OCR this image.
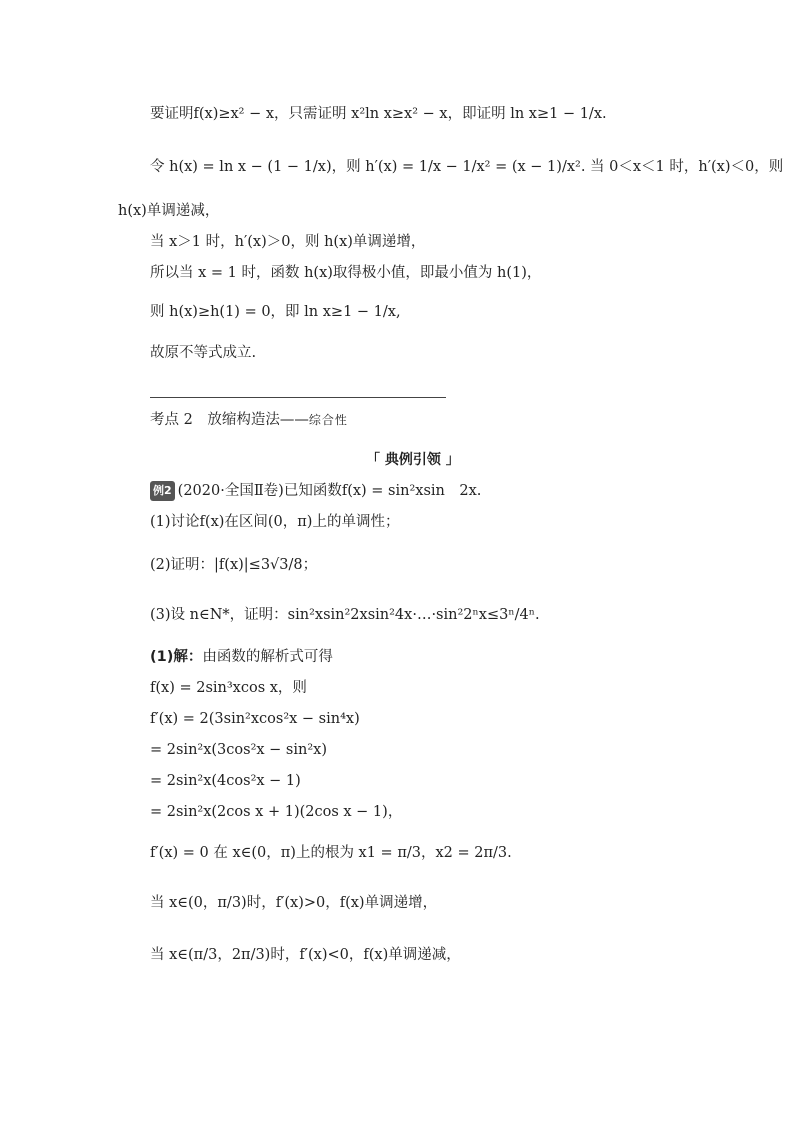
要证明f(x)≥x² − x，只需证明 x²ln x≥x² − x，即证明 ln x≥1 − 1/x.
令 h(x) = ln x − (1 − 1/x)，则 h′(x) = 1/x − 1/x² = (x − 1)/x². 当 0＜x＜1 时，h′(x)＜0，则
h(x)单调递减，
当 x＞1 时，h′(x)＞0，则 h(x)单调递增，
所以当 x = 1 时，函数 h(x)取得极小值，即最小值为 h(1)，
则 h(x)≥h(1) = 0，即 ln x≥1 − 1/x,
故原不等式成立.
考点 2　放缩构造法——综合性
「 典例引领 」
例2 (2020·全国Ⅱ卷)已知函数f(x) = sin²xsin　2x.
(1)讨论f(x)在区间(0，π)上的单调性；
(2)证明：|f(x)|≤3√3/8；
(3)设 n∈N*，证明：sin²xsin²2xsin²4x·…·sin²2ⁿx≤3ⁿ/4ⁿ.
(1)解：由函数的解析式可得
f(x) = 2sin³xcos x，则
f′(x) = 2(3sin²xcos²x − sin⁴x)
= 2sin²x(3cos²x − sin²x)
= 2sin²x(4cos²x − 1)
= 2sin²x(2cos x + 1)(2cos x − 1)，
f′(x) = 0 在 x∈(0，π)上的根为 x1 = π/3，x2 = 2π/3.
当 x∈(0，π/3)时，f′(x)>0，f(x)单调递增，
当 x∈(π/3，2π/3)时，f′(x)<0，f(x)单调递减，
